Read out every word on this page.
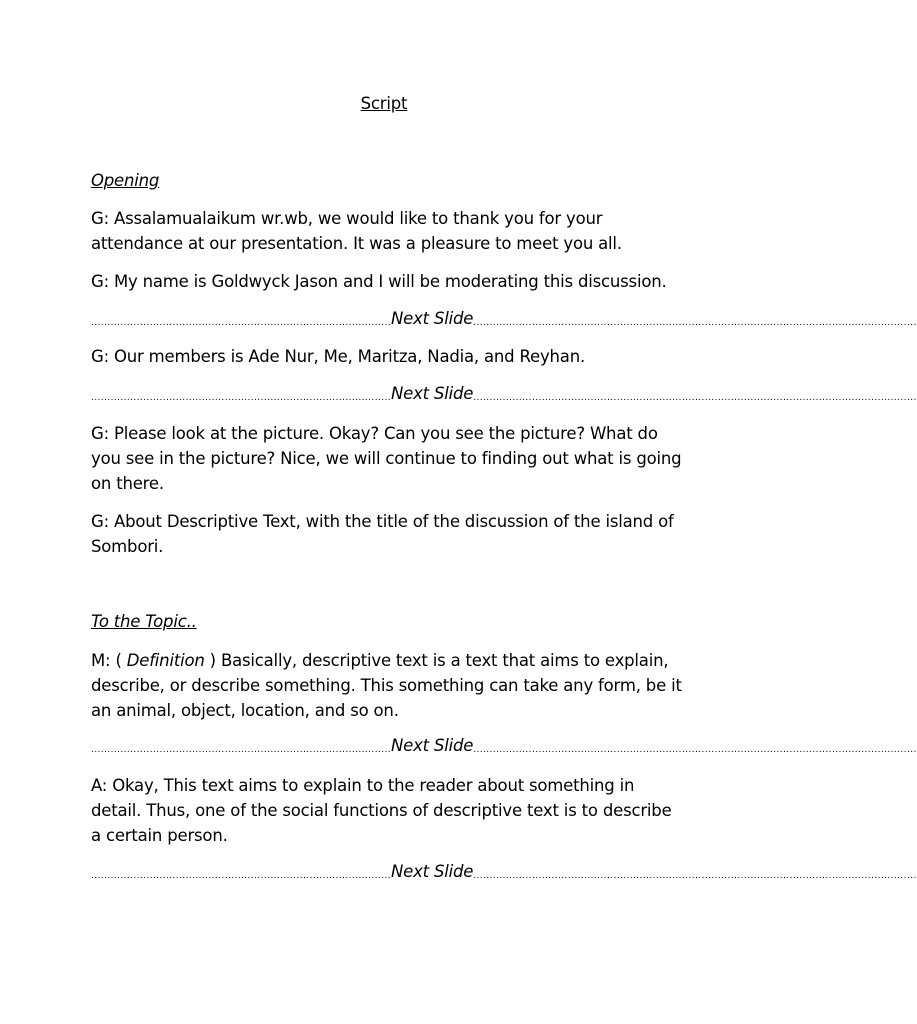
Script
Opening

G: Assalamualaikum wr.wb, we would like to thank you for your attendance at our presentation. It was a pleasure to meet you all.

G: My name is Goldwyck Jason and I will be moderating this discussion.

............................................................................................ Next Slide ........................................................................................................................................

G: Our members is Ade Nur, Me, Maritza, Nadia, and Reyhan.

............................................................................................ Next Slide ........................................................................................................................................

G: Please look at the picture. Okay? Can you see the picture? What do you see in the picture? Nice, we will continue to finding out what is going on there.

G: About Descriptive Text, with the title of the discussion of the island of Sombori.

To the Topic..

M: ( Definition ) Basically, descriptive text is a text that aims to explain, describe, or describe something. This something can take any form, be it an animal, object, location, and so on.

............................................................................................ Next Slide ........................................................................................................................................

A: Okay, This text aims to explain to the reader about something in detail. Thus, one of the social functions of descriptive text is to describe a certain person.

............................................................................................ Next Slide ........................................................................................................................................
